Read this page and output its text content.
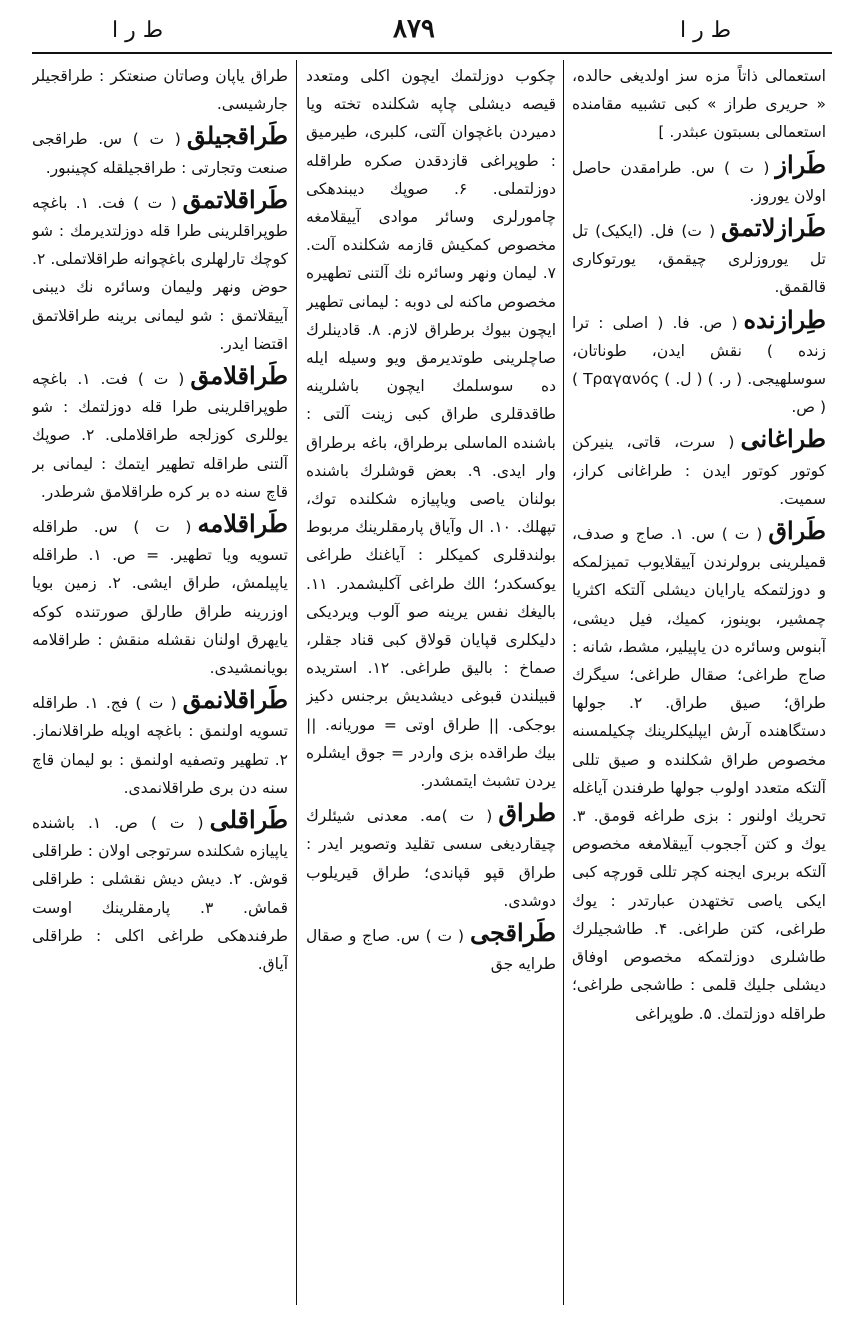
ط ر ا	۸۷۹	ط ر ا

استعمالی ذاتاً مزه سز اولدیغی حالده، « حریری طراز » کبی تشبیه مقامنده استعمالی بسبتون عبثدر. ]

طَراز( ت ) س. طرامقدن حاصل اولان یوروز.

طَرازلاتمق( ت) فل. (ایکیک) تل تل یوروزلری چیقمق، یورتوکاری قالقمق.

طِرازنده( ص. فا. ( اصلی : ترا زنده ) نقش ایدن، طوناتان، سوسلهیجی. ( ر. ) ( ل. ) Τραγανός ) ( ص.

طراغانی( سرت، قاتی، ینیرکن کوتور کوتور ایدن : طراغانی کراز، سمیت.

طَراق( ت ) س. ۱. صاج و صدف، قمیلرینی برولرندن آییقلایوب تمیزلمکه و دوزلتمکه یارایان دیشلی آلتکه اکثریا چمشیر، بوینوز، کمیك، فیل دیشی، آبنوس وسائره دن یاپیلیر، مشط، شانه : صاج طراغی؛ صقال طراغی؛ سیگرك طراق؛ صیق طراق. ۲. جولها دستگاهنده آرش ایپلیکلرینك چکیلمسنه مخصوص طراق شکلنده و صیق تللی آلتکه متعدد اولوب جولها طرفندن آیاغله تحریك اولنور : بزی طراغه قومق. ۳. یوك و کتن آججوب آییقلامغه مخصوص آلتکه بربری ایجنه کچر تللی قورچه کبی ایکی یاصی تختهدن عبارتدر : یوك طراغی، کتن طراغی. ۴. طاشجیلرك طاشلری دوزلتمکه مخصوص اوفاق دیشلی جلیك قلمی : طاشجی طراغی؛ طراقله دوزلتمك. ۵. طوپراغی

چکوب دوزلتمك ایچون اکلی ومتعدد قیصه دیشلی چاپه شکلنده تخته ویا دمیردن باغچوان آلتی، کلبری، طیرمیق : طوپراغی قازدقدن صکره طراقله دوزلتملی. ۶. صوپك دیبندهکی چامورلری وسائر موادی آییقلامغه مخصوص کمکیش قازمه شکلنده آلت. ۷. لیمان ونهر وسائره نك آلتنی تطهیره مخصوص ماکنه لی دوبه : لیمانی تطهیر ایچون بیوك برطراق لازم. ۸. قادینلرك صاچلرینی طوتدیرمق ویو وسیله ایله ده سوسلمك ایچون باشلرینه طاقدقلری طراق کبی زینت آلتی : باشنده الماسلی برطراق، باغه برطراق وار ایدی. ۹. بعض قوشلرك باشنده بولنان یاصی ویاپیازه شکلنده توك، تپهلك. ۱۰. ال وآیاق پارمقلرینك مربوط بولندقلری کمیکلر : آیاغنك طراغی یوکسکدر؛ الك طراغی آکلیشمدر. ۱۱. بالیغك نفس یرینه صو آلوب ویردیکی دلیکلری قپایان قولاق کبی قناد جقلر، صماخ : بالیق طراغی. ۱۲. استریده قبیلندن قبوغی دیشدیش برجنس دکیز بوجکی. || طراق اوتی = موریانه. || بیك طراقده بزی واردر = جوق ایشلره یردن تشبث ایتمشدر.

طراق( ت )مه. معدنی شیئلرك چیقاردیغی سسی تقلید وتصویر ایدر : طراق قپو قپاندی؛ طراق قیریلوب دوشدی.

طَراقجی( ت ) س. صاج و صقال طرایه جق

طراق یاپان وصاتان صنعتکر : طراقجیلر جارشیسی.

طَراقجیلق( ت ) س. طراقجی صنعت وتجارتی : طراقجیلقله کچینبور.

طَراقلاتمق( ت ) فت. ۱. باغچه طوپراقلرینی طرا قله دوزلتدیرمك : شو کوچك تارلهلری باغچوانه طراقلاتملی. ۲. حوض ونهر ولیمان وسائره نك دیبنی آییقلاتمق : شو لیمانی برینه طراقلاتمق اقتضا ایدر.

طَراقلامق( ت ) فت. ۱. باغچه طوپراقلرینی طرا قله دوزلتمك : شو یوللری کوزلجه طراقلاملی. ۲. صوپك آلتنی طراقله تطهیر ایتمك : لیمانی بر قاچ سنه ده بر کره طراقلامق شرطدر.

طَراقلامه( ت ) س. طراقله تسویه ویا تطهیر. = ص. ۱. طراقله یاپیلمش، طراق ایشی. ۲. زمین بویا اوزرینه طراق طارلق صورتنده کوکه یایهرق اولنان نقشله منقش : طراقلامه بویانمشیدی.

طَراقلانمق( ت ) فج. ۱. طراقله تسویه اولنمق : باغچه اویله طراقلانماز. ۲. تطهیر وتصفیه اولنمق : بو لیمان قاچ سنه دن بری طراقلانمدی.

طَراقلی( ت ) ص. ۱. باشنده یاپیازه شکلنده سرتوجی اولان : طراقلی قوش. ۲. دیش دیش نقشلی : طراقلی قماش. ۳. پارمقلرینك اوست طرفندهکی طراغی اکلی : طراقلی آیاق.
